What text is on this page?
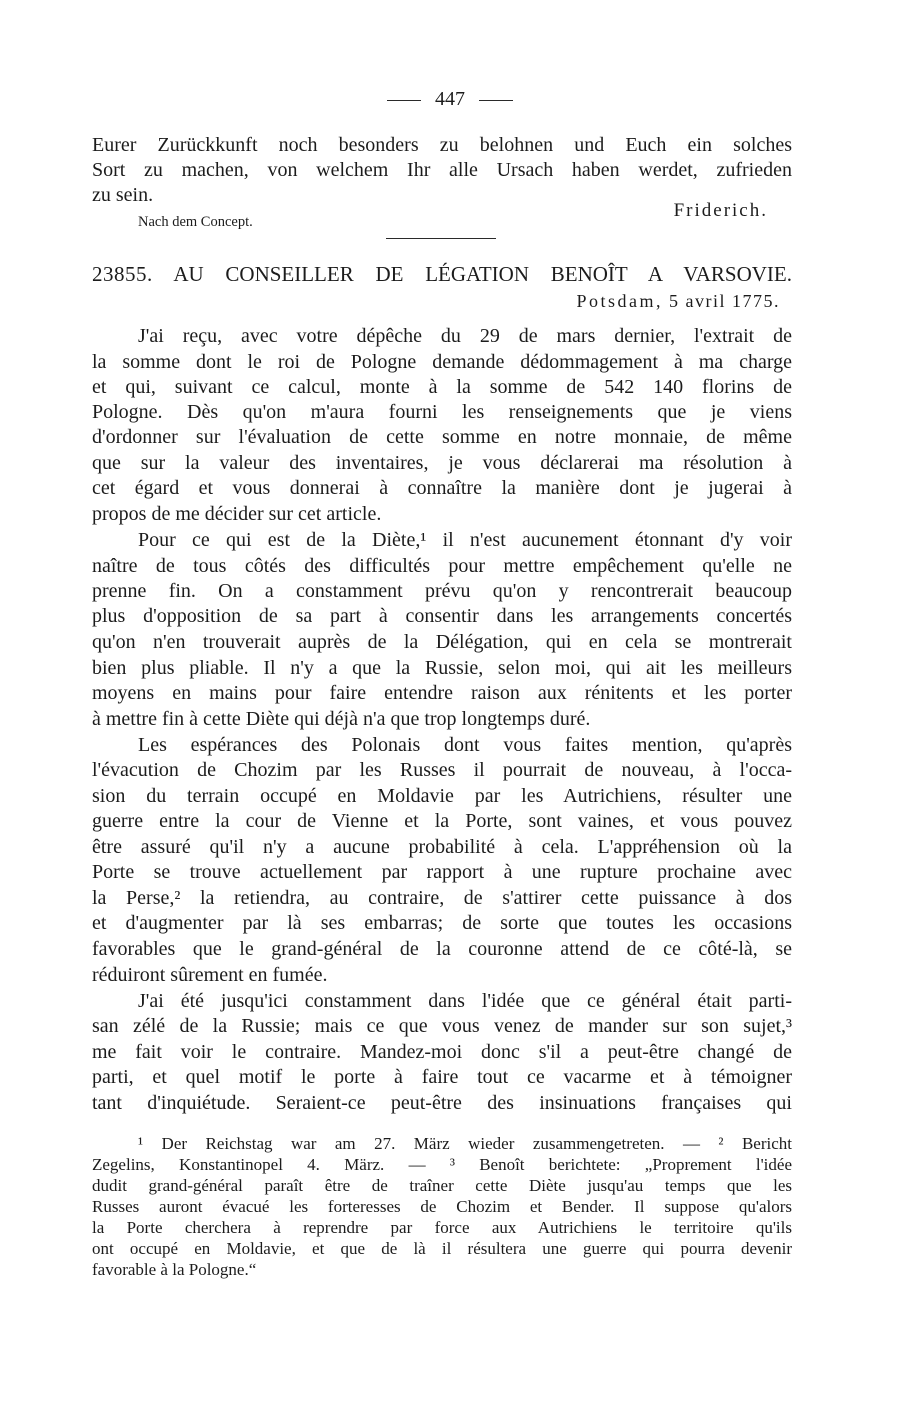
447
Eurer Zurückkunft noch besonders zu belohnen und Euch ein solches
Sort zu machen, von welchem Ihr alle Ursach haben werdet, zufrieden
zu sein.
Friderich.
Nach dem Concept.
23855. AU CONSEILLER DE LÉGATION BENOÎT A VARSOVIE.
Potsdam, 5 avril 1775.
J'ai reçu, avec votre dépêche du 29 de mars dernier, l'extrait de
la somme dont le roi de Pologne demande dédommagement à ma charge
et qui, suivant ce calcul, monte à la somme de 542 140 florins de
Pologne. Dès qu'on m'aura fourni les renseignements que je viens
d'ordonner sur l'évaluation de cette somme en notre monnaie, de même
que sur la valeur des inventaires, je vous déclarerai ma résolution à
cet égard et vous donnerai à connaître la manière dont je jugerai à
propos de me décider sur cet article.
Pour ce qui est de la Diète,¹ il n'est aucunement étonnant d'y voir
naître de tous côtés des difficultés pour mettre empêchement qu'elle ne
prenne fin. On a constamment prévu qu'on y rencontrerait beaucoup
plus d'opposition de sa part à consentir dans les arrangements concertés
qu'on n'en trouverait auprès de la Délégation, qui en cela se montrerait
bien plus pliable. Il n'y a que la Russie, selon moi, qui ait les meilleurs
moyens en mains pour faire entendre raison aux rénitents et les porter
à mettre fin à cette Diète qui déjà n'a que trop longtemps duré.
Les espérances des Polonais dont vous faites mention, qu'après
l'évacution de Chozim par les Russes il pourrait de nouveau, à l'occa-
sion du terrain occupé en Moldavie par les Autrichiens, résulter une
guerre entre la cour de Vienne et la Porte, sont vaines, et vous pouvez
être assuré qu'il n'y a aucune probabilité à cela. L'appréhension où la
Porte se trouve actuellement par rapport à une rupture prochaine avec
la Perse,² la retiendra, au contraire, de s'attirer cette puissance à dos
et d'augmenter par là ses embarras; de sorte que toutes les occasions
favorables que le grand-général de la couronne attend de ce côté-là, se
réduiront sûrement en fumée.
J'ai été jusqu'ici constamment dans l'idée que ce général était parti-
san zélé de la Russie; mais ce que vous venez de mander sur son sujet,³
me fait voir le contraire. Mandez-moi donc s'il a peut-être changé de
parti, et quel motif le porte à faire tout ce vacarme et à témoigner
tant d'inquiétude. Seraient-ce peut-être des insinuations françaises qui
¹ Der Reichstag war am 27. März wieder zusammengetreten. — ² Bericht
Zegelins, Konstantinopel 4. März. — ³ Benoît berichtete: „Proprement l'idée
dudit grand-général paraît être de traîner cette Diète jusqu'au temps que les
Russes auront évacué les forteresses de Chozim et Bender. Il suppose qu'alors
la Porte cherchera à reprendre par force aux Autrichiens le territoire qu'ils
ont occupé en Moldavie, et que de là il résultera une guerre qui pourra devenir
favorable à la Pologne.“
